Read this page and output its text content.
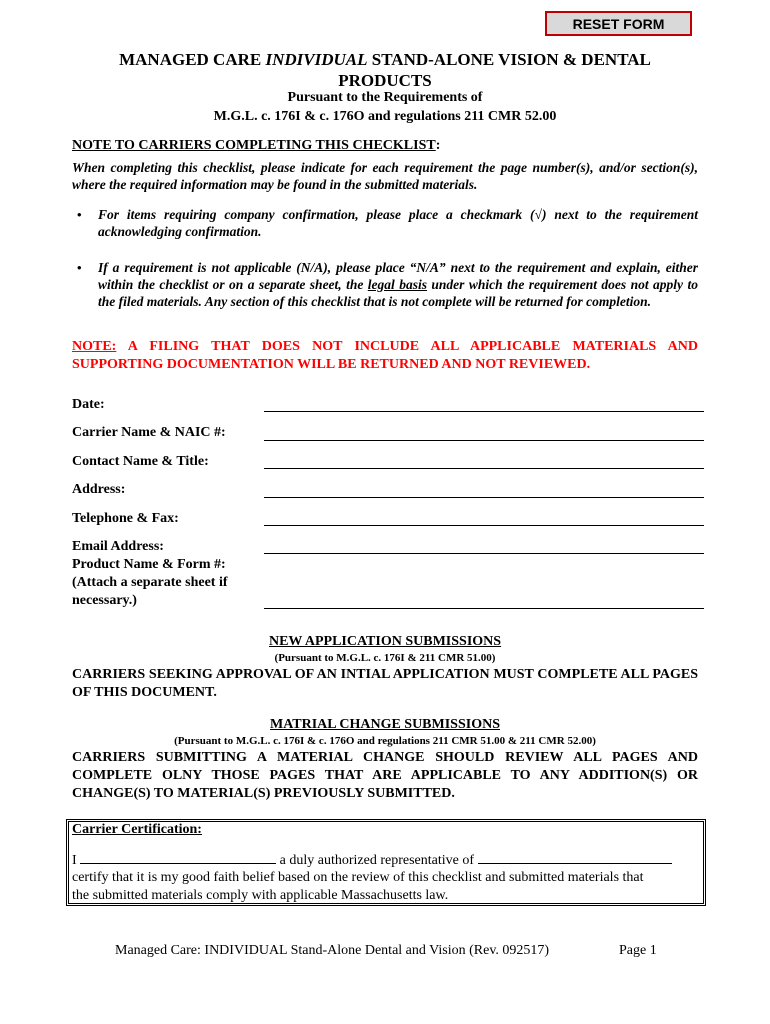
RESET FORM
MANAGED CARE INDIVIDUAL STAND-ALONE VISION & DENTAL
PRODUCTS
Pursuant to the Requirements of
M.G.L. c. 176I & c. 176O and regulations 211 CMR 52.00
NOTE TO CARRIERS COMPLETING THIS CHECKLIST:
When completing this checklist, please indicate for each requirement the page number(s), and/or section(s), where the required information may be found in the submitted materials.
• For items requiring company confirmation, please place a checkmark (√) next to the requirement acknowledging confirmation.
• If a requirement is not applicable (N/A), please place “N/A” next to the requirement and explain, either within the checklist or on a separate sheet, the legal basis under which the requirement does not apply to the filed materials. Any section of this checklist that is not complete will be returned for completion.
NOTE: A FILING THAT DOES NOT INCLUDE ALL APPLICABLE MATERIALS AND SUPPORTING DOCUMENTATION WILL BE RETURNED AND NOT REVIEWED.
Date:
Carrier Name & NAIC #:
Contact Name & Title:
Address:
Telephone & Fax:
Email Address:
Product Name & Form #:
(Attach a separate sheet if
necessary.)
NEW APPLICATION SUBMISSIONS
(Pursuant to M.G.L. c. 176I & 211 CMR 51.00)
CARRIERS SEEKING APPROVAL OF AN INTIAL APPLICATION MUST COMPLETE ALL PAGES OF THIS DOCUMENT.
MATRIAL CHANGE SUBMISSIONS
(Pursuant to M.G.L. c. 176I & c. 176O and regulations 211 CMR 51.00 & 211 CMR 52.00)
CARRIERS SUBMITTING A MATERIAL CHANGE SHOULD REVIEW ALL PAGES AND COMPLETE OLNY THOSE PAGES THAT ARE APPLICABLE TO ANY ADDITION(S) OR CHANGE(S) TO MATERIAL(S) PREVIOUSLY SUBMITTED.
Carrier Certification:
I	a duly authorized representative of
certify that it is my good faith belief based on the review of this checklist and submitted materials that
the submitted materials comply with applicable Massachusetts law.
Managed Care: INDIVIDUAL Stand-Alone Dental and Vision (Rev. 092517)	Page 1
